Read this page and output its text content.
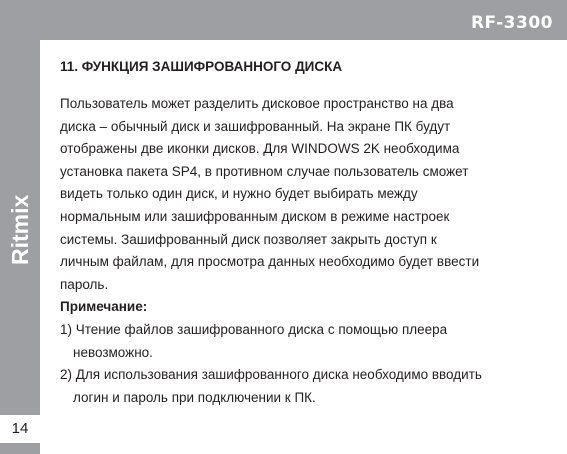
RF-3300
Ritmix
14
11. ФУНКЦИЯ ЗАШИФРОВАННОГО ДИСКА

Пользователь может разделить дисковое пространство на два
диска – обычный диск и зашифрованный. На экране ПК будут
отображены две иконки дисков. Для WINDOWS 2K необходима
установка пакета SP4, в противном случае пользователь сможет
видеть только один диск, и нужно будет выбирать между
нормальным или зашифрованным диском в режиме настроек
системы. Зашифрованный диск позволяет закрыть доступ к
личным файлам, для просмотра данных необходимо будет ввести
пароль.
Примечание:
1) Чтение файлов зашифрованного диска с помощью плеера
невозможно.
2) Для использования зашифрованного диска необходимо вводить
логин и пароль при подключении к ПК.
